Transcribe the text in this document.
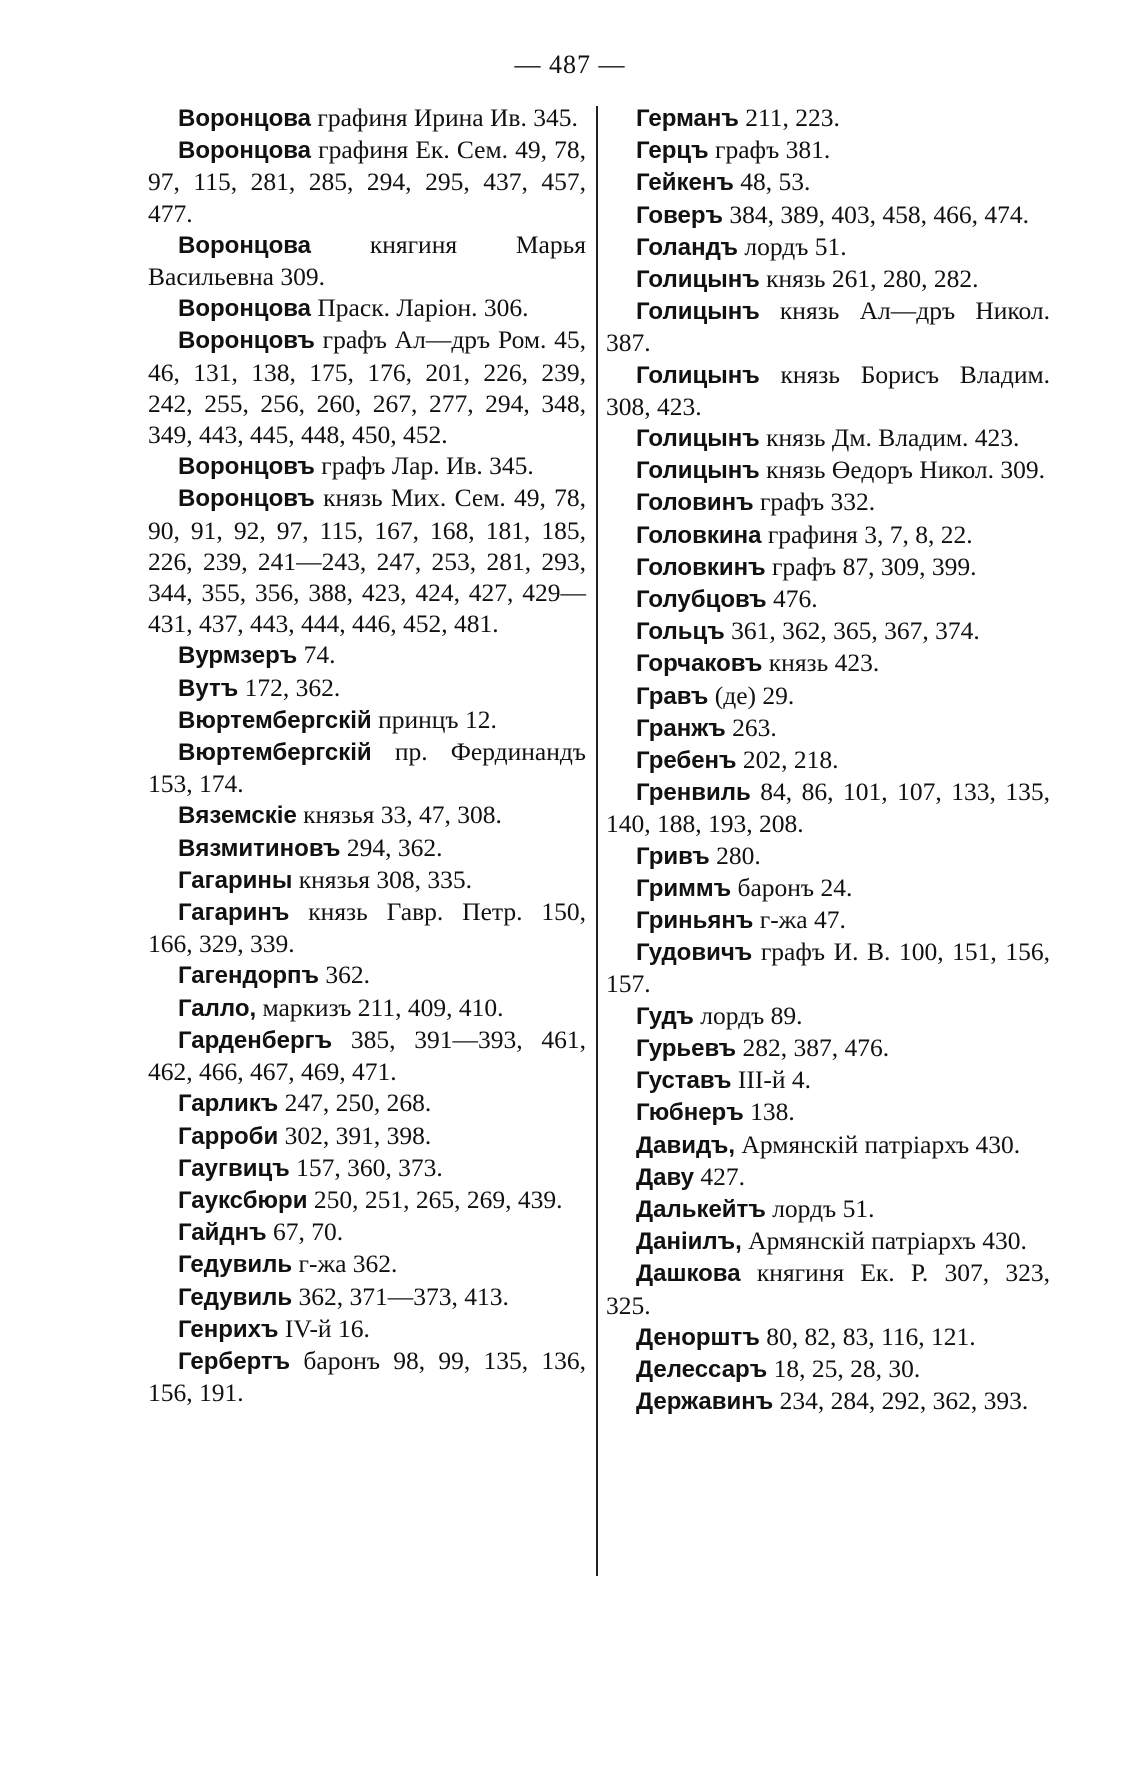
— 487 —

Воронцова графиня Ирина Ив. 345.

Воронцова графиня Ек. Сем. 49, 78, 97, 115, 281, 285, 294, 295, 437, 457, 477.

Воронцова княгиня Марья Васильевна 309.

Воронцова Праск. Ларіон. 306.

Воронцовъ графъ Ал—дръ Ром. 45, 46, 131, 138, 175, 176, 201, 226, 239, 242, 255, 256, 260, 267, 277, 294, 348, 349, 443, 445, 448, 450, 452.

Воронцовъ графъ Лар. Ив. 345.

Воронцовъ князь Мих. Сем. 49, 78, 90, 91, 92, 97, 115, 167, 168, 181, 185, 226, 239, 241—243, 247, 253, 281, 293, 344, 355, 356, 388, 423, 424, 427, 429—431, 437, 443, 444, 446, 452, 481.

Вурмзеръ 74.

Вутъ 172, 362.

Вюртембергскій принцъ 12.

Вюртембергскій пр. Фердинандъ 153, 174.

Вяземскіе князья 33, 47, 308.

Вязмитиновъ 294, 362.

Гагарины князья 308, 335.

Гагаринъ князь Гавр. Петр. 150, 166, 329, 339.

Гагендорпъ 362.

Галло, маркизъ 211, 409, 410.

Гарденбергъ 385, 391—393, 461, 462, 466, 467, 469, 471.

Гарликъ 247, 250, 268.

Гарроби 302, 391, 398.

Гаугвицъ 157, 360, 373.

Гауксбюри 250, 251, 265, 269, 439.

Гайднъ 67, 70.

Гедувиль г-жа 362.

Гедувиль 362, 371—373, 413.

Генрихъ IV-й 16.

Гербертъ баронъ 98, 99, 135, 136, 156, 191.

Германъ 211, 223.

Герцъ графъ 381.

Гейкенъ 48, 53.

Говеръ 384, 389, 403, 458, 466, 474.

Голандъ лордъ 51.

Голицынъ князь 261, 280, 282.

Голицынъ князь Ал—дръ Никол. 387.

Голицынъ князь Борисъ Владим. 308, 423.

Голицынъ князь Дм. Владим. 423.

Голицынъ князь Өедоръ Никол. 309.

Головинъ графъ 332.

Головкина графиня 3, 7, 8, 22.

Головкинъ графъ 87, 309, 399.

Голубцовъ 476.

Гольцъ 361, 362, 365, 367, 374.

Горчаковъ князь 423.

Гравъ (де) 29.

Гранжъ 263.

Гребенъ 202, 218.

Гренвиль 84, 86, 101, 107, 133, 135, 140, 188, 193, 208.

Гривъ 280.

Гриммъ баронъ 24.

Гриньянъ г-жа 47.

Гудовичъ графъ И. В. 100, 151, 156, 157.

Гудъ лордъ 89.

Гурьевъ 282, 387, 476.

Густавъ III-й 4.

Гюбнеръ 138.

Давидъ, Армянскій патріархъ 430.

Даву 427.

Далькейтъ лордъ 51.

Даніилъ, Армянскій патріархъ 430.

Дашкова княгиня Ек. Р. 307, 323, 325.

Денорштъ 80, 82, 83, 116, 121.

Делессаръ 18, 25, 28, 30.

Державинъ 234, 284, 292, 362, 393.
